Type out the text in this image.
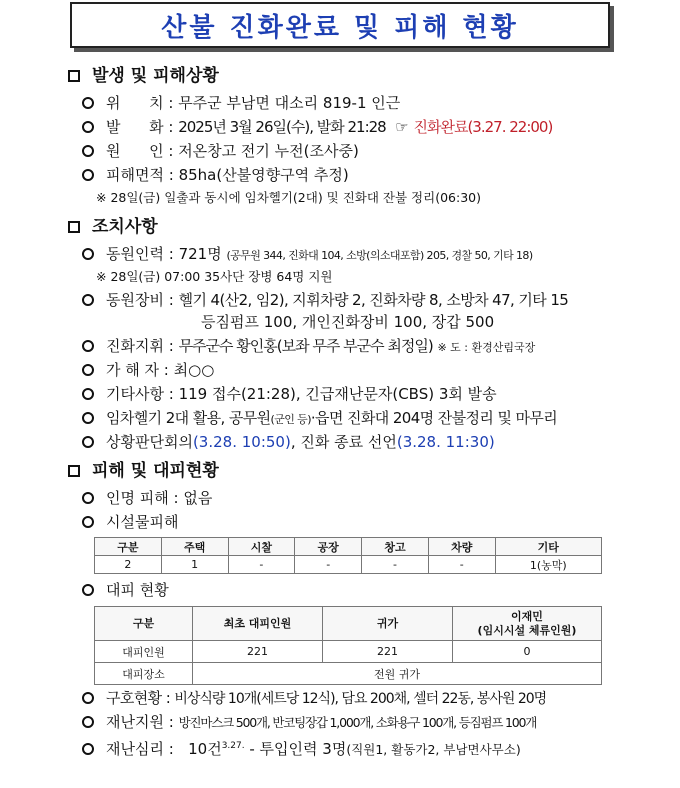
산불 진화완료 및 피해 현황
발생 및 피해상황
위      치 : 무주군 부남면 대소리 819-1 인근
발      화 : 2025년 3월 26일(수), 발화 21:28 ☞ 진화완료(3.27. 22:00)
원      인 : 저온창고 전기 누전(조사중)
피해면적 : 85ha(산불영향구역 추정)
※ 28일(금) 일출과 동시에 임차헬기(2대) 및 진화대 잔불 정리(06:30)
조치사항
동원인력 : 721명 (공무원 344, 진화대 104, 소방(의소대포함) 205, 경찰 50, 기타 18)
※ 28일(금) 07:00 35사단 장병 64명 지원
동원장비 : 헬기 4(산2, 임2), 지휘차량 2, 진화차량 8, 소방차 47, 기타 15
등짐펌프 100, 개인진화장비 100, 장갑 500
진화지휘 : 무주군수 황인홍(보좌 무주 부군수 최정일) ※ 도 : 환경산림국장
가 해 자 : 최○○
기타사항 : 119 접수(21:28), 긴급재난문자(CBS) 3회 발송
임차헬기 2대 활용, 공무원(군인 등)·읍면 진화대 204명 잔불정리 및 마무리
상황판단회의(3.28. 10:50), 진화 종료 선언(3.28. 11:30)
피해 및 대피현황
인명 피해 : 없음
시설물피해
구분	주택	시찰	공장	창고	차량	기타
2	1	-	-	-	-	1(농막)
대피 현황
구분	최초 대피인원	귀가	이재민
(임시시설 체류인원)

대피인원	221	221	0
대피장소	전원 귀가		
구호현황 : 비상식량 10개(세트당 12식), 담요 200채, 셀터 22동, 봉사원 20명
재난지원 : 방진마스크 500개, 반코팅장갑 1,000개, 소화용구 100개, 등짐펌프 100개
재난심리 :   10건$^{3.27.}$ - 투입인력 3명(직원1, 활동가2, 부남면사무소)
